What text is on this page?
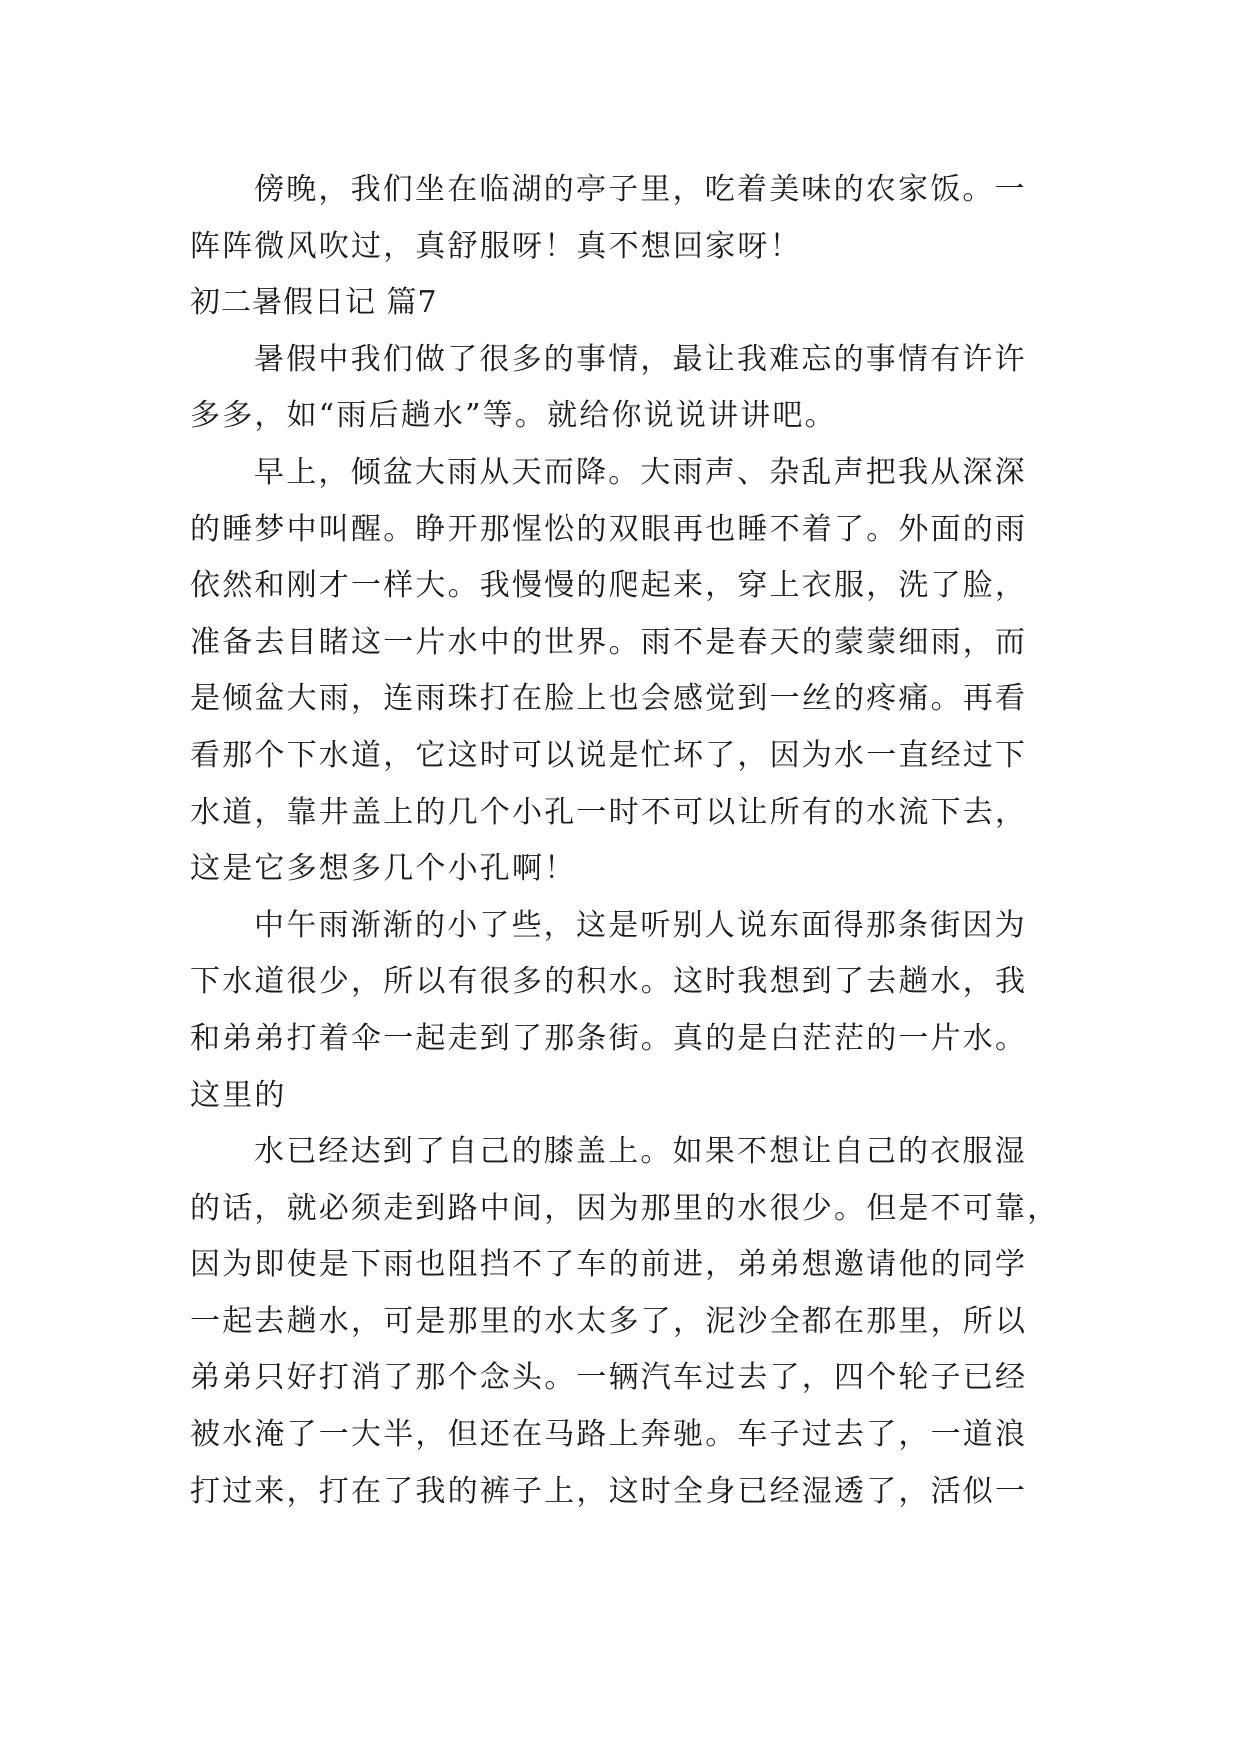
傍晚，我们坐在临湖的亭子里，吃着美味的农家饭。一
阵阵微风吹过，真舒服呀！真不想回家呀！
初二暑假日记 篇7
暑假中我们做了很多的事情，最让我难忘的事情有许许
多多，如“雨后趟水”等。就给你说说讲讲吧。
早上，倾盆大雨从天而降。大雨声、杂乱声把我从深深
的睡梦中叫醒。睁开那惺忪的双眼再也睡不着了。外面的雨
依然和刚才一样大。我慢慢的爬起来，穿上衣服，洗了脸，
准备去目睹这一片水中的世界。雨不是春天的蒙蒙细雨，而
是倾盆大雨，连雨珠打在脸上也会感觉到一丝的疼痛。再看
看那个下水道，它这时可以说是忙坏了，因为水一直经过下
水道，靠井盖上的几个小孔一时不可以让所有的水流下去，
这是它多想多几个小孔啊！
中午雨渐渐的小了些，这是听别人说东面得那条街因为
下水道很少，所以有很多的积水。这时我想到了去趟水，我
和弟弟打着伞一起走到了那条街。真的是白茫茫的一片水。
这里的
水已经达到了自己的膝盖上。如果不想让自己的衣服湿
的话，就必须走到路中间，因为那里的水很少。但是不可靠，
因为即使是下雨也阻挡不了车的前进，弟弟想邀请他的同学
一起去趟水，可是那里的水太多了，泥沙全都在那里，所以
弟弟只好打消了那个念头。一辆汽车过去了，四个轮子已经
被水淹了一大半，但还在马路上奔驰。车子过去了，一道浪
打过来，打在了我的裤子上，这时全身已经湿透了，活似一
